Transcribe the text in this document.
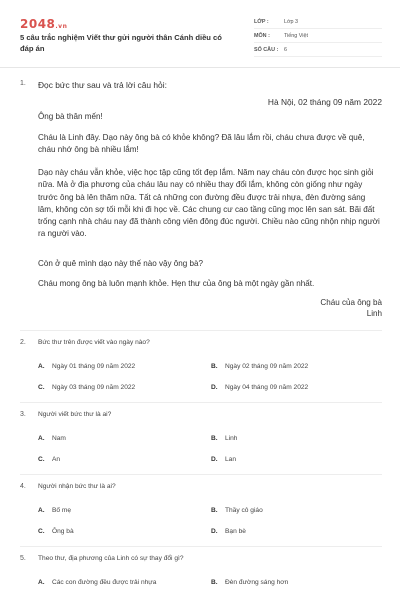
2048.vn
5 câu trắc nghiệm Viết thư gửi người thân Cánh diều có đáp án
LỚP :	Lớp 3
MÔN :	Tiếng Việt
SỐ CÂU :	6
1. Đọc bức thư sau và trả lời câu hỏi:
Hà Nội, 02 tháng 09 năm 2022
Ông bà thân mến!
Cháu là Linh đây. Dạo này ông bà có khỏe không? Đã lâu lắm rồi, cháu chưa được về quê, cháu nhớ ông bà nhiều lắm!
Dạo này cháu vẫn khỏe, việc học tập cũng tốt đẹp lắm. Năm nay cháu còn được học sinh giỏi nữa. Mà ở địa phương của cháu lâu nay có nhiều thay đổi lắm, không còn giống như ngày trước ông bà lên thăm nữa. Tất cả những con đường đều được trải nhựa, đèn đường sáng lâm, không còn sợ tối mỗi khi đi học về. Các chung cư cao tầng cũng mọc lên san sát. Bãi đất trống cạnh nhà cháu nay đã thành công viên đông đúc người. Chiều nào cũng nhộn nhịp người ra người vào.
Còn ở quê mình dạo này thế nào vậy ông bà?
Cháu mong ông bà luôn mạnh khỏe. Hẹn thư của ông bà một ngày gần nhất.
Cháu của ông bà
Linh
2. Bức thư trên được viết vào ngày nào?
A.	Ngày 01 tháng 09 năm 2022	B.	Ngày 02 tháng 09 năm 2022
C.	Ngày 03 tháng 09 năm 2022	D.	Ngày 04 tháng 09 năm 2022
3. Người viết bức thư là ai?
A.	Nam	B.	Linh
C.	An	D.	Lan
4. Người nhận bức thư là ai?
A.	Bố mẹ	B.	Thầy cô giáo
C.	Ông bà	D.	Bạn bè
5. Theo thư, địa phương của Linh có sự thay đổi gì?
A.	Các con đường đều được trải nhựa	B.	Đèn đường sáng hơn
